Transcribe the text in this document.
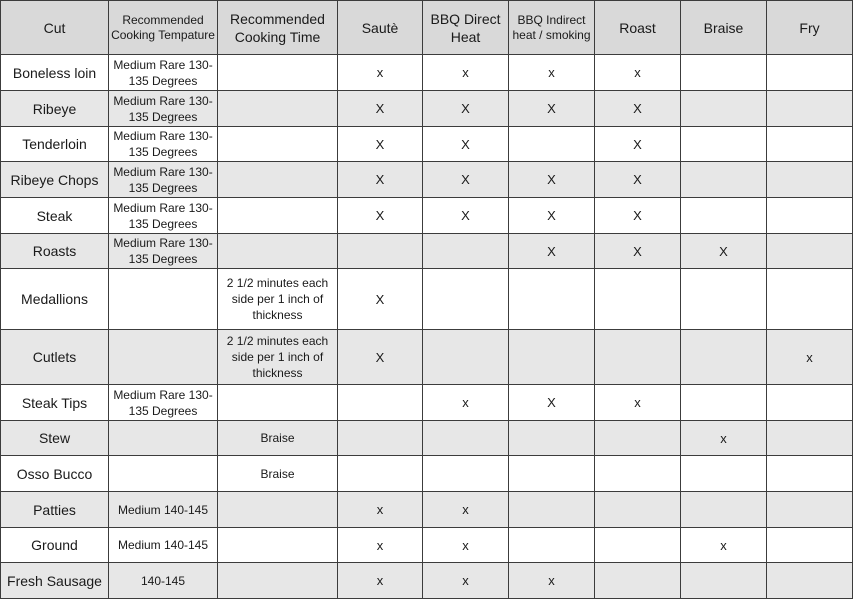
Cut	Recommended Cooking Tempature	Recommended Cooking Time	Sautè	BBQ Direct Heat	BBQ Indirect heat / smoking	Roast	Braise	Fry
Boneless loin	Medium Rare 130-135 Degrees		x	x	x	x		
Ribeye	Medium Rare 130-135 Degrees		X	X	X	X		
Tenderloin	Medium Rare 130-135 Degrees		X	X		X		
Ribeye Chops	Medium Rare 130-135 Degrees		X	X	X	X		
Steak	Medium Rare 130-135 Degrees		X	X	X	X		
Roasts	Medium Rare 130-135 Degrees				X	X	X	
Medallions		2 1/2 minutes each side per 1 inch of thickness	X					
Cutlets		2 1/2 minutes each side per 1 inch of thickness	X					x
Steak Tips	Medium Rare 130-135 Degrees			x	X	x		
Stew		Braise					x	
Osso Bucco		Braise						
Patties	Medium 140-145		x	x				
Ground	Medium 140-145		x	x			x	
Fresh Sausage	140-145		x	x	x			
